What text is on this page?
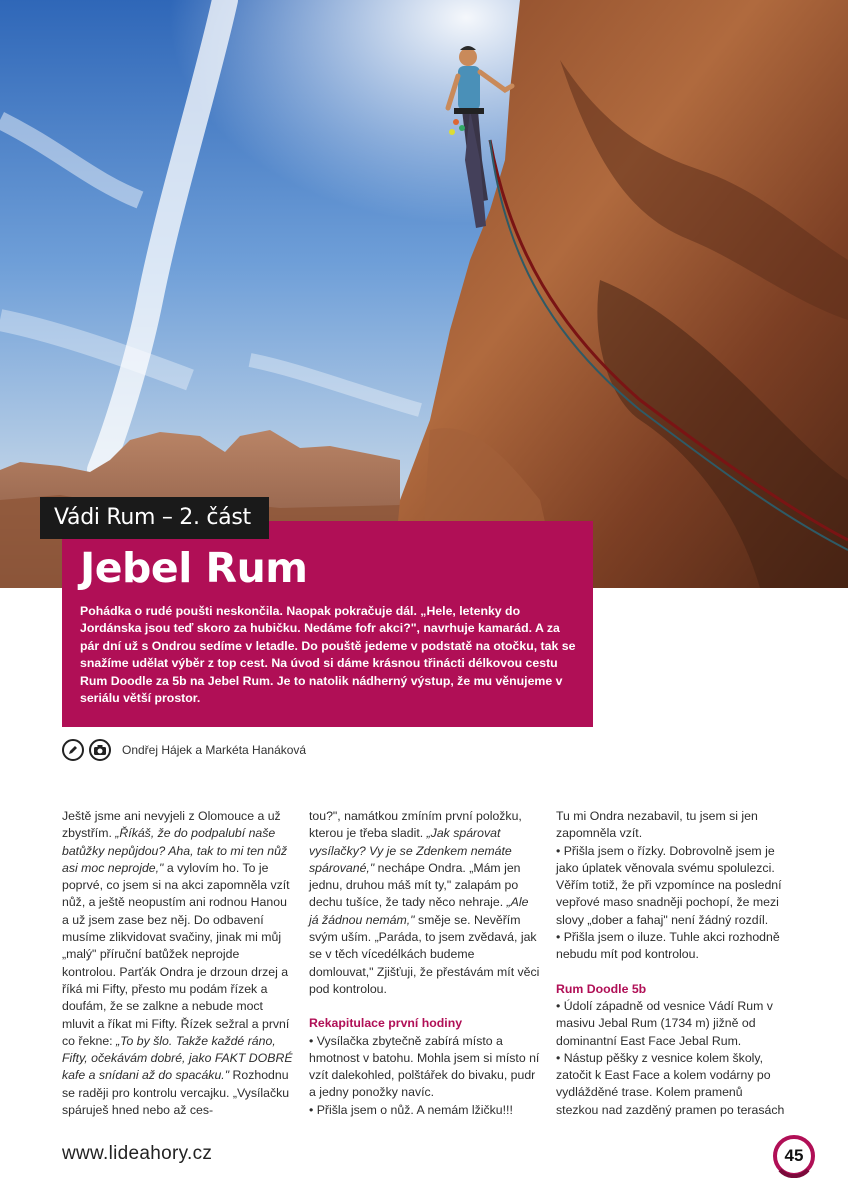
Vádi Rum – 2. část
Jebel Rum

Pohádka o rudé poušti neskončila. Naopak pokračuje dál. „Hele, letenky do Jordánska jsou teď skoro za hubičku. Nedáme fofr akci?", navrhuje kamarád. A za pár dní už s Ondrou sedíme v letadle. Do pouště jedeme v podstatě na otočku, tak se snažíme udělat výběr z top cest. Na úvod si dáme krásnou třinácti délkovou cestu Rum Doodle za 5b na Jebel Rum. Je to natolik nádherný výstup, že mu věnujeme v seriálu větší prostor.

Ondřej Hájek a Markéta Hanáková

Ještě jsme ani nevyjeli z Olomouce a už zbystřím. „Říkáš, že do podpalubí naše batůžky nepůjdou? Aha, tak to mi ten nůž asi moc neprojde," a vylovím ho. To je poprvé, co jsem si na akci zapomněla vzít nůž, a ještě neopustím ani rodnou Hanou a už jsem zase bez něj. Do odbavení musíme zlikvidovat svačiny, jinak mi můj „malý" příruční batůžek neprojde kontrolou. Parťák Ondra je drzoun drzej a říká mi Fifty, přesto mu podám řízek a doufám, že se zalkne a nebude moct mluvit a říkat mi Fifty. Řízek sežral a první co řekne: „To by šlo. Takže každé ráno, Fifty, očekávám dobré, jako FAKT DOBRÉ kafe a snídani až do spacáku." Rozhodnu se raději pro kontrolu vercajku. „Vysílačku spáruješ hned nebo až ces-

tou?", namátkou zmíním první položku, kterou je třeba sladit. „Jak spárovat vysílačky? Vy je se Zdenkem nemáte spárované," nechápe Ondra. „Mám jen jednu, druhou máš mít ty," zalapám po dechu tušíce, že tady něco nehraje. „Ale já žádnou nemám," směje se. Nevěřím svým uším. „Paráda, to jsem zvědavá, jak se v těch vícedélkách budeme domlouvat," Zjišťuji, že přestávám mít věci pod kontrolou.

Rekapitulace první hodiny

• Vysílačka zbytečně zabírá místo a hmotnost v batohu. Mohla jsem si místo ní vzít dalekohled, polštářek do bivaku, pudr a jedny ponožky navíc.

• Přišla jsem o nůž. A nemám lžičku!!!

Tu mi Ondra nezabavil, tu jsem si jen zapomněla vzít.

• Přišla jsem o řízky. Dobrovolně jsem je jako úplatek věnovala svému spolulezci. Věřím totiž, že při vzpomínce na poslední vepřové maso snadněji pochopí, že mezi slovy „dober a fahaj" není žádný rozdíl.

• Přišla jsem o iluze. Tuhle akci rozhodně nebudu mít pod kontrolou.

Rum Doodle 5b

• Údolí západně od vesnice Vádí Rum v masivu Jebal Rum (1734 m) jižně od dominantní East Face Jebal Rum.

• Nástup pěšky z vesnice kolem školy, zatočit k East Face a kolem vodárny po vydlážděné trase. Kolem pramenů stezkou nad zazděný pramen po terasách

www.lideahory.cz	45
